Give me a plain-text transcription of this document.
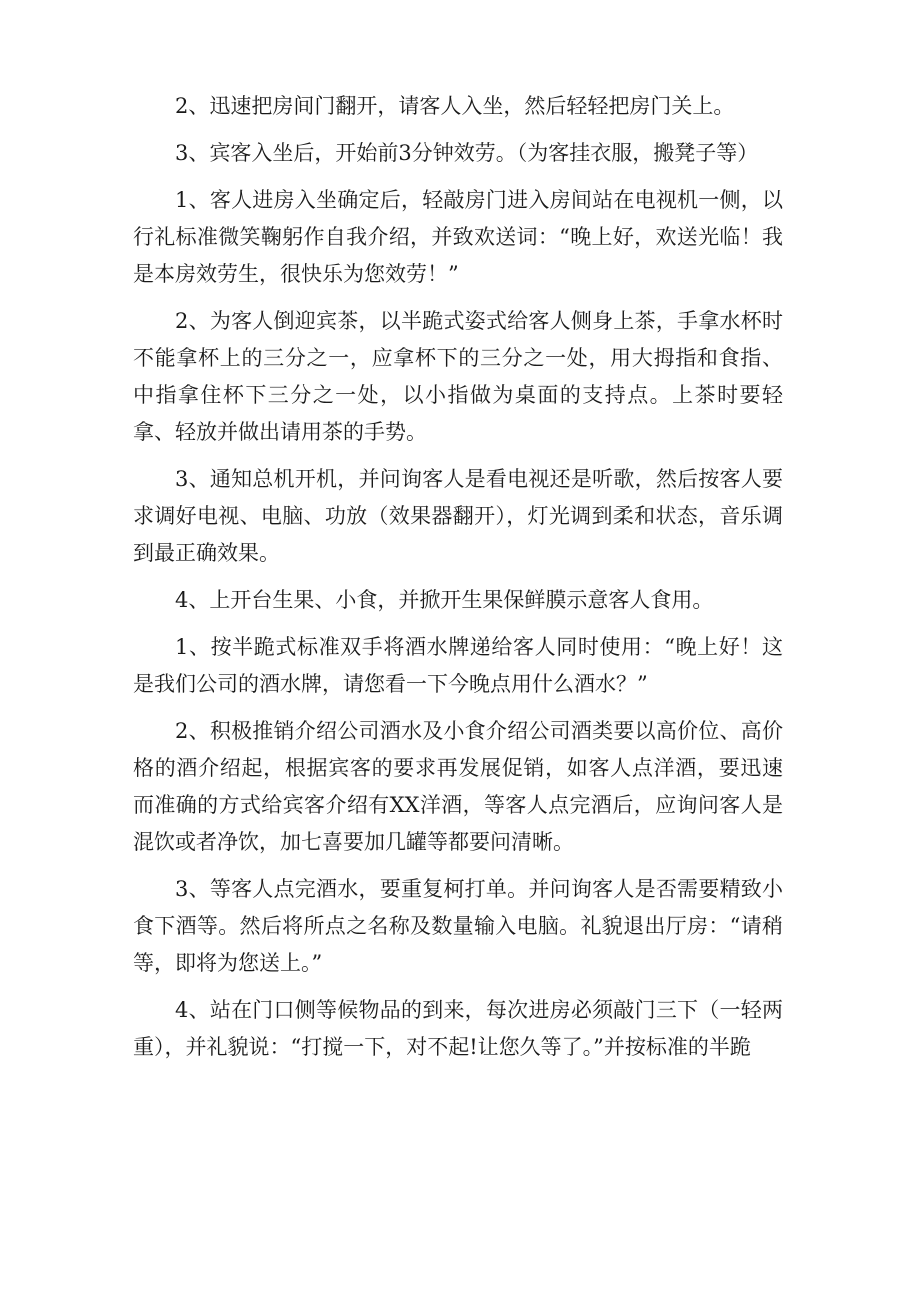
2、迅速把房间门翻开，请客人入坐，然后轻轻把房门关上。

3、宾客入坐后，开始前3分钟效劳。（为客挂衣服，搬凳子等）

1、客人进房入坐确定后，轻敲房门进入房间站在电视机一侧，以行礼标准微笑鞠躬作自我介绍，并致欢送词：“晚上好，欢送光临！我是本房效劳生，很快乐为您效劳！”

2、为客人倒迎宾茶，以半跪式姿式给客人侧身上茶，手拿水杯时不能拿杯上的三分之一，应拿杯下的三分之一处，用大拇指和食指、中指拿住杯下三分之一处，以小指做为桌面的支持点。上茶时要轻拿、轻放并做出请用茶的手势。

3、通知总机开机，并问询客人是看电视还是听歌，然后按客人要求调好电视、电脑、功放（效果器翻开），灯光调到柔和状态，音乐调到最正确效果。

4、上开台生果、小食，并掀开生果保鲜膜示意客人食用。

1、按半跪式标准双手将酒水牌递给客人同时使用：“晚上好！这是我们公司的酒水牌，请您看一下今晚点用什么酒水？”

2、积极推销介绍公司酒水及小食介绍公司酒类要以高价位、高价格的酒介绍起，根据宾客的要求再发展促销，如客人点洋酒，要迅速而准确的方式给宾客介绍有XX洋酒，等客人点完酒后，应询问客人是混饮或者净饮，加七喜要加几罐等都要问清晰。

3、等客人点完酒水，要重复柯打单。并问询客人是否需要精致小食下酒等。然后将所点之名称及数量输入电脑。礼貌退出厅房：“请稍等，即将为您送上。”

4、站在门口侧等候物品的到来，每次进房必须敲门三下（一轻两重），并礼貌说：“打搅一下，对不起!让您久等了。”并按标准的半跪
